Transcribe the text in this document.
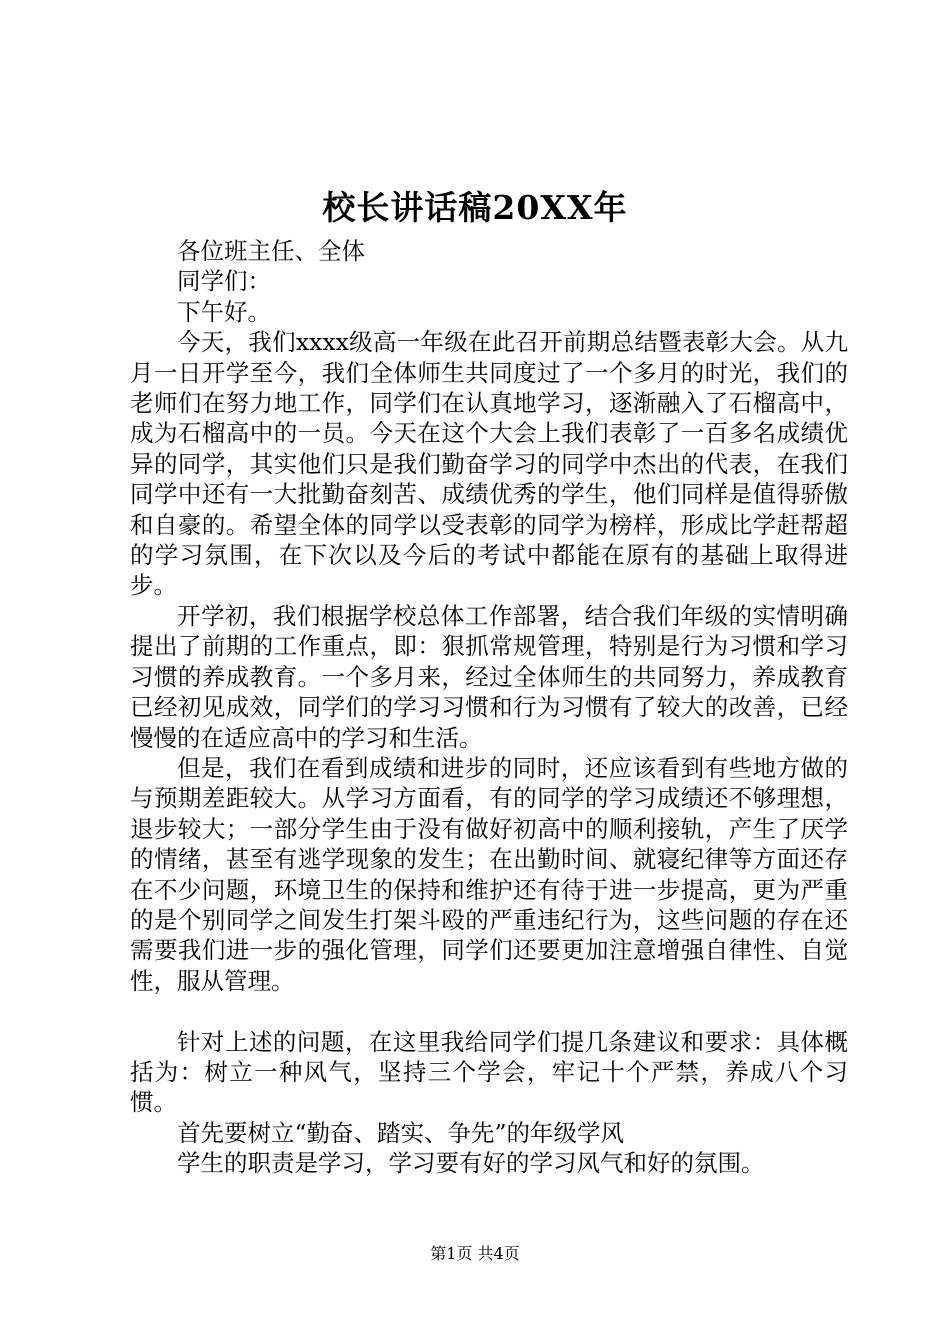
校长讲话稿20XX年

各位班主任、全体

同学们：

下午好。

今天，我们xxxx级高一年级在此召开前期总结暨表彰大会。从九月一日开学至今，我们全体师生共同度过了一个多月的时光，我们的老师们在努力地工作，同学们在认真地学习，逐渐融入了石榴高中，成为石榴高中的一员。今天在这个大会上我们表彰了一百多名成绩优异的同学，其实他们只是我们勤奋学习的同学中杰出的代表，在我们同学中还有一大批勤奋刻苦、成绩优秀的学生，他们同样是值得骄傲和自豪的。希望全体的同学以受表彰的同学为榜样，形成比学赶帮超的学习氛围，在下次以及今后的考试中都能在原有的基础上取得进步。

开学初，我们根据学校总体工作部署，结合我们年级的实情明确提出了前期的工作重点，即：狠抓常规管理，特别是行为习惯和学习习惯的养成教育。一个多月来，经过全体师生的共同努力，养成教育已经初见成效，同学们的学习习惯和行为习惯有了较大的改善，已经慢慢的在适应高中的学习和生活。

但是，我们在看到成绩和进步的同时，还应该看到有些地方做的与预期差距较大。从学习方面看，有的同学的学习成绩还不够理想，退步较大；一部分学生由于没有做好初高中的顺利接轨，产生了厌学的情绪，甚至有逃学现象的发生；在出勤时间、就寝纪律等方面还存在不少问题，环境卫生的保持和维护还有待于进一步提高，更为严重的是个别同学之间发生打架斗殴的严重违纪行为，这些问题的存在还需要我们进一步的强化管理，同学们还要更加注意增强自律性、自觉性，服从管理。

针对上述的问题，在这里我给同学们提几条建议和要求：具体概括为：树立一种风气，坚持三个学会，牢记十个严禁，养成八个习惯。

首先要树立“勤奋、踏实、争先”的年级学风

学生的职责是学习，学习要有好的学习风气和好的氛围。

第1页 共4页
